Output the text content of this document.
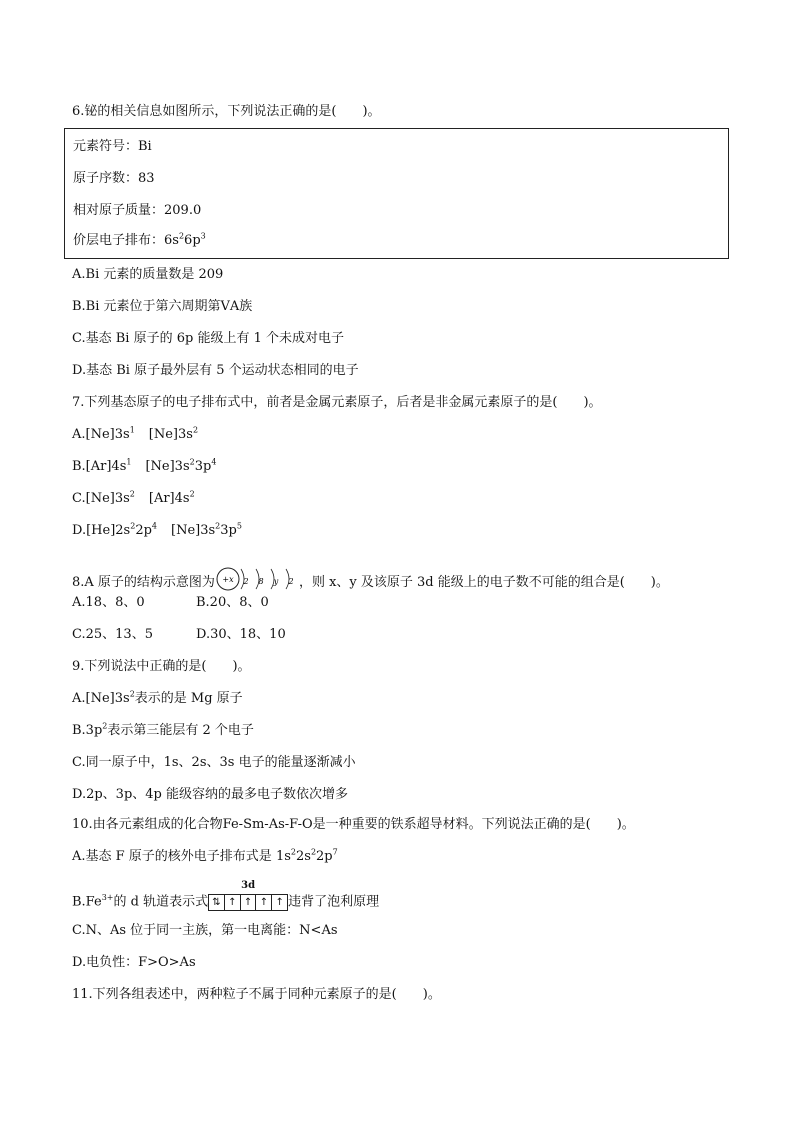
6.铋的相关信息如图所示，下列说法正确的是(　　)。
元素符号：Bi
原子序数：83
相对原子质量：209.0
价层电子排布：$6s^26p^3$
A.Bi 元素的质量数是 209
B.Bi 元素位于第六周期第ⅤA族
C.基态 Bi 原子的 6p 能级上有 1 个未成对电子
D.基态 Bi 原子最外层有 5 个运动状态相同的电子
7.下列基态原子的电子排布式中，前者是金属元素原子，后者是非金属元素原子的是(　　)。
$A.[Ne]3s^1$ $[Ne]3s^2$
$B.[Ar]4s^1$ $[Ne]3s^23p^4$
$C.[Ne]3s^2$ $[Ar]4s^2$
$D.[He]2s^22p^4$ $[Ne]3s^23p^5$
8.A 原子的结构示意图为 +x 2 8 y 2 ，则 x、y 及该原子 3d 能级上的电子数不可能的组合是(　　)。
A.18、8、0	B.20、8、0
C.25、13、5	D.30、18、10
9.下列说法中正确的是(　　)。
$A.[Ne]3s^2$表示的是 Mg 原子
$B.3p^2$表示第三能层有 2 个电子
C.同一原子中，1s、2s、3s 电子的能量逐渐减小
D.2p、3p、4p 能级容纳的最多电子数依次增多
10.由各元素组成的化合物Fe-Sm-As-F-O是一种重要的铁系超导材料。下列说法正确的是(　　)。
A.基态 F 原子的核外电子排布式是 $1s^22s^22p^7$
$B.Fe^{3+}$的 d 轨道表示式
3d
⇅ ↑ ↑ ↑ ↑ 违背了泡利原理
C.N、As 位于同一主族，第一电离能：N<As
D.电负性：F>O>As
11.下列各组表述中，两种粒子不属于同种元素原子的是(　　)。
